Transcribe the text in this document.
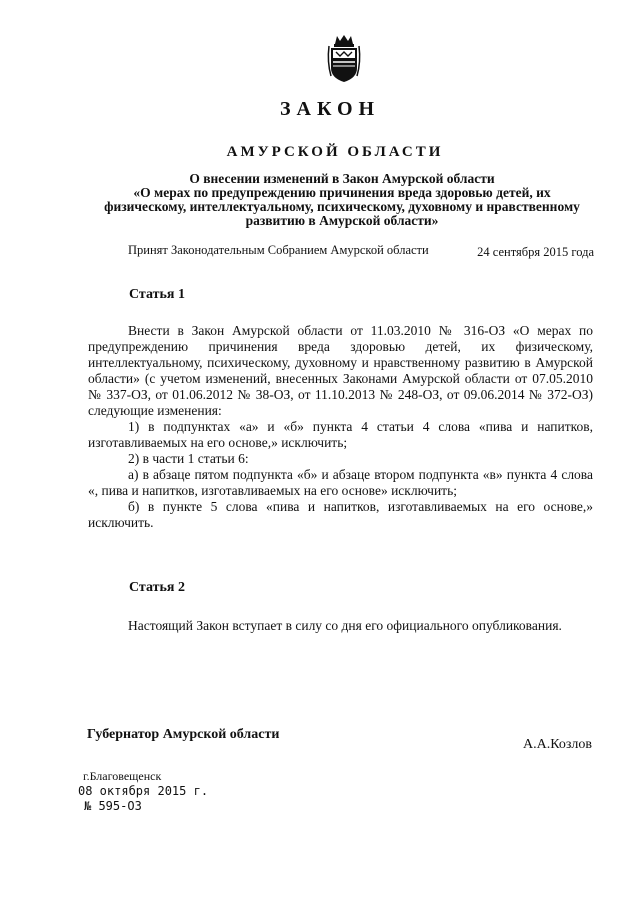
ЗАКОН
АМУРСКОЙ ОБЛАСТИ
О внесении изменений в Закон Амурской области
«О мерах по предупреждению причинения вреда здоровью детей, их физическому, интеллектуальному, психическому, духовному и нравственному развитию в Амурской области»
Принят Законодательным Собранием Амурской области	24 сентября 2015 года
Статья 1

Внести в Закон Амурской области от 11.03.2010 № 316-ОЗ «О мерах по предупреждению причинения вреда здоровью детей, их физическому, интеллектуальному, психическому, духовному и нравственному развитию в Амурской области» (с учетом изменений, внесенных Законами Амурской области от 07.05.2010 № 337-ОЗ, от 01.06.2012 № 38-ОЗ, от 11.10.2013 № 248-ОЗ, от 09.06.2014 № 372-ОЗ) следующие изменения:

1) в подпунктах «а» и «б» пункта 4 статьи 4 слова «пива и напитков, изготавливаемых на его основе,» исключить;

2) в части 1 статьи 6:

а) в абзаце пятом подпункта «б» и абзаце втором подпункта «в» пункта 4 слова «, пива и напитков, изготавливаемых на его основе» исключить;

б) в пункте 5 слова «пива и напитков, изготавливаемых на его основе,» исключить.

Статья 2

Настоящий Закон вступает в силу со дня его официального опубликования.

Губернатор Амурской области
А.А.Козлов
г.Благовещенск
08 октября 2015 г.
№ 595-ОЗ
